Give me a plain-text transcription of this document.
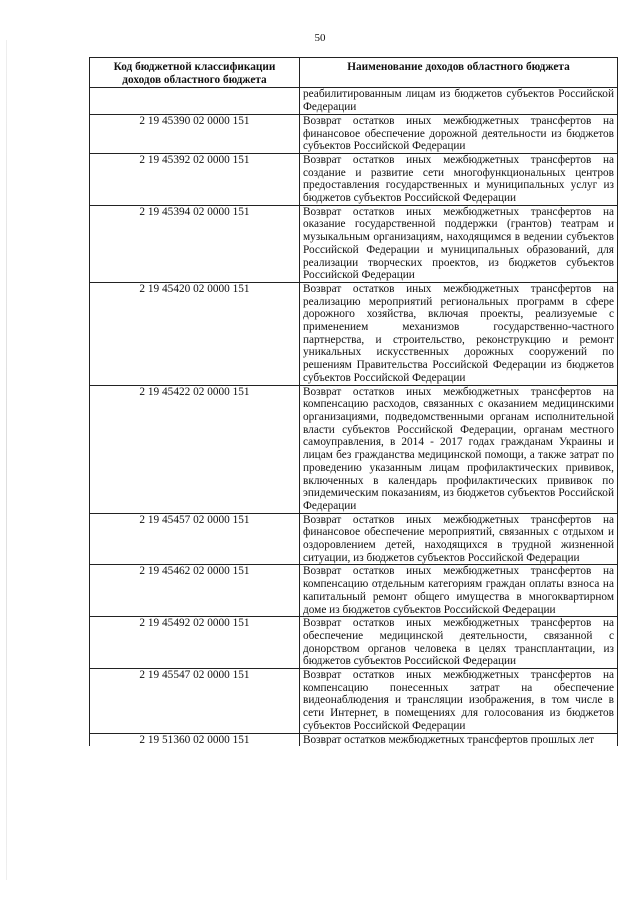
50
Код бюджетной классификации доходов областного бюджета	Наименование доходов областного бюджета
	реабилитированным лицам из бюджетов субъектов Российской Федерации
2 19 45390 02 0000 151	Возврат остатков иных межбюджетных трансфертов на финансовое обеспечение дорожной деятельности из бюджетов субъектов Российской Федерации
2 19 45392 02 0000 151	Возврат остатков иных межбюджетных трансфертов на создание и развитие сети многофункциональных центров предоставления государственных и муниципальных услуг из бюджетов субъектов Российской Федерации
2 19 45394 02 0000 151	Возврат остатков иных межбюджетных трансфертов на оказание государственной поддержки (грантов) театрам и музыкальным организациям, находящимся в ведении субъектов Российской Федерации и муниципальных образований, для реализации творческих проектов, из бюджетов субъектов Российской Федерации
2 19 45420 02 0000 151	Возврат остатков иных межбюджетных трансфертов на реализацию мероприятий региональных программ в сфере дорожного хозяйства, включая проекты, реализуемые с применением механизмов государственно-частного партнерства, и строительство, реконструкцию и ремонт уникальных искусственных дорожных сооружений по решениям Правительства Российской Федерации из бюджетов субъектов Российской Федерации
2 19 45422 02 0000 151	Возврат остатков иных межбюджетных трансфертов на компенсацию расходов, связанных с оказанием медицинскими организациями, подведомственными органам исполнительной власти субъектов Российской Федерации, органам местного самоуправления, в 2014 - 2017 годах гражданам Украины и лицам без гражданства медицинской помощи, а также затрат по проведению указанным лицам профилактических прививок, включенных в календарь профилактических прививок по эпидемическим показаниям, из бюджетов субъектов Российской Федерации
2 19 45457 02 0000 151	Возврат остатков иных межбюджетных трансфертов на финансовое обеспечение мероприятий, связанных с отдыхом и оздоровлением детей, находящихся в трудной жизненной ситуации, из бюджетов субъектов Российской Федерации
2 19 45462 02 0000 151	Возврат остатков иных межбюджетных трансфертов на компенсацию отдельным категориям граждан оплаты взноса на капитальный ремонт общего имущества в многоквартирном доме из бюджетов субъектов Российской Федерации
2 19 45492 02 0000 151	Возврат остатков иных межбюджетных трансфертов на обеспечение медицинской деятельности, связанной с донорством органов человека в целях трансплантации, из бюджетов субъектов Российской Федерации
2 19 45547 02 0000 151	Возврат остатков иных межбюджетных трансфертов на компенсацию понесенных затрат на обеспечение видеонаблюдения и трансляции изображения, в том числе в сети Интернет, в помещениях для голосования из бюджетов субъектов Российской Федерации
2 19 51360 02 0000 151	Возврат остатков межбюджетных трансфертов прошлых лет
